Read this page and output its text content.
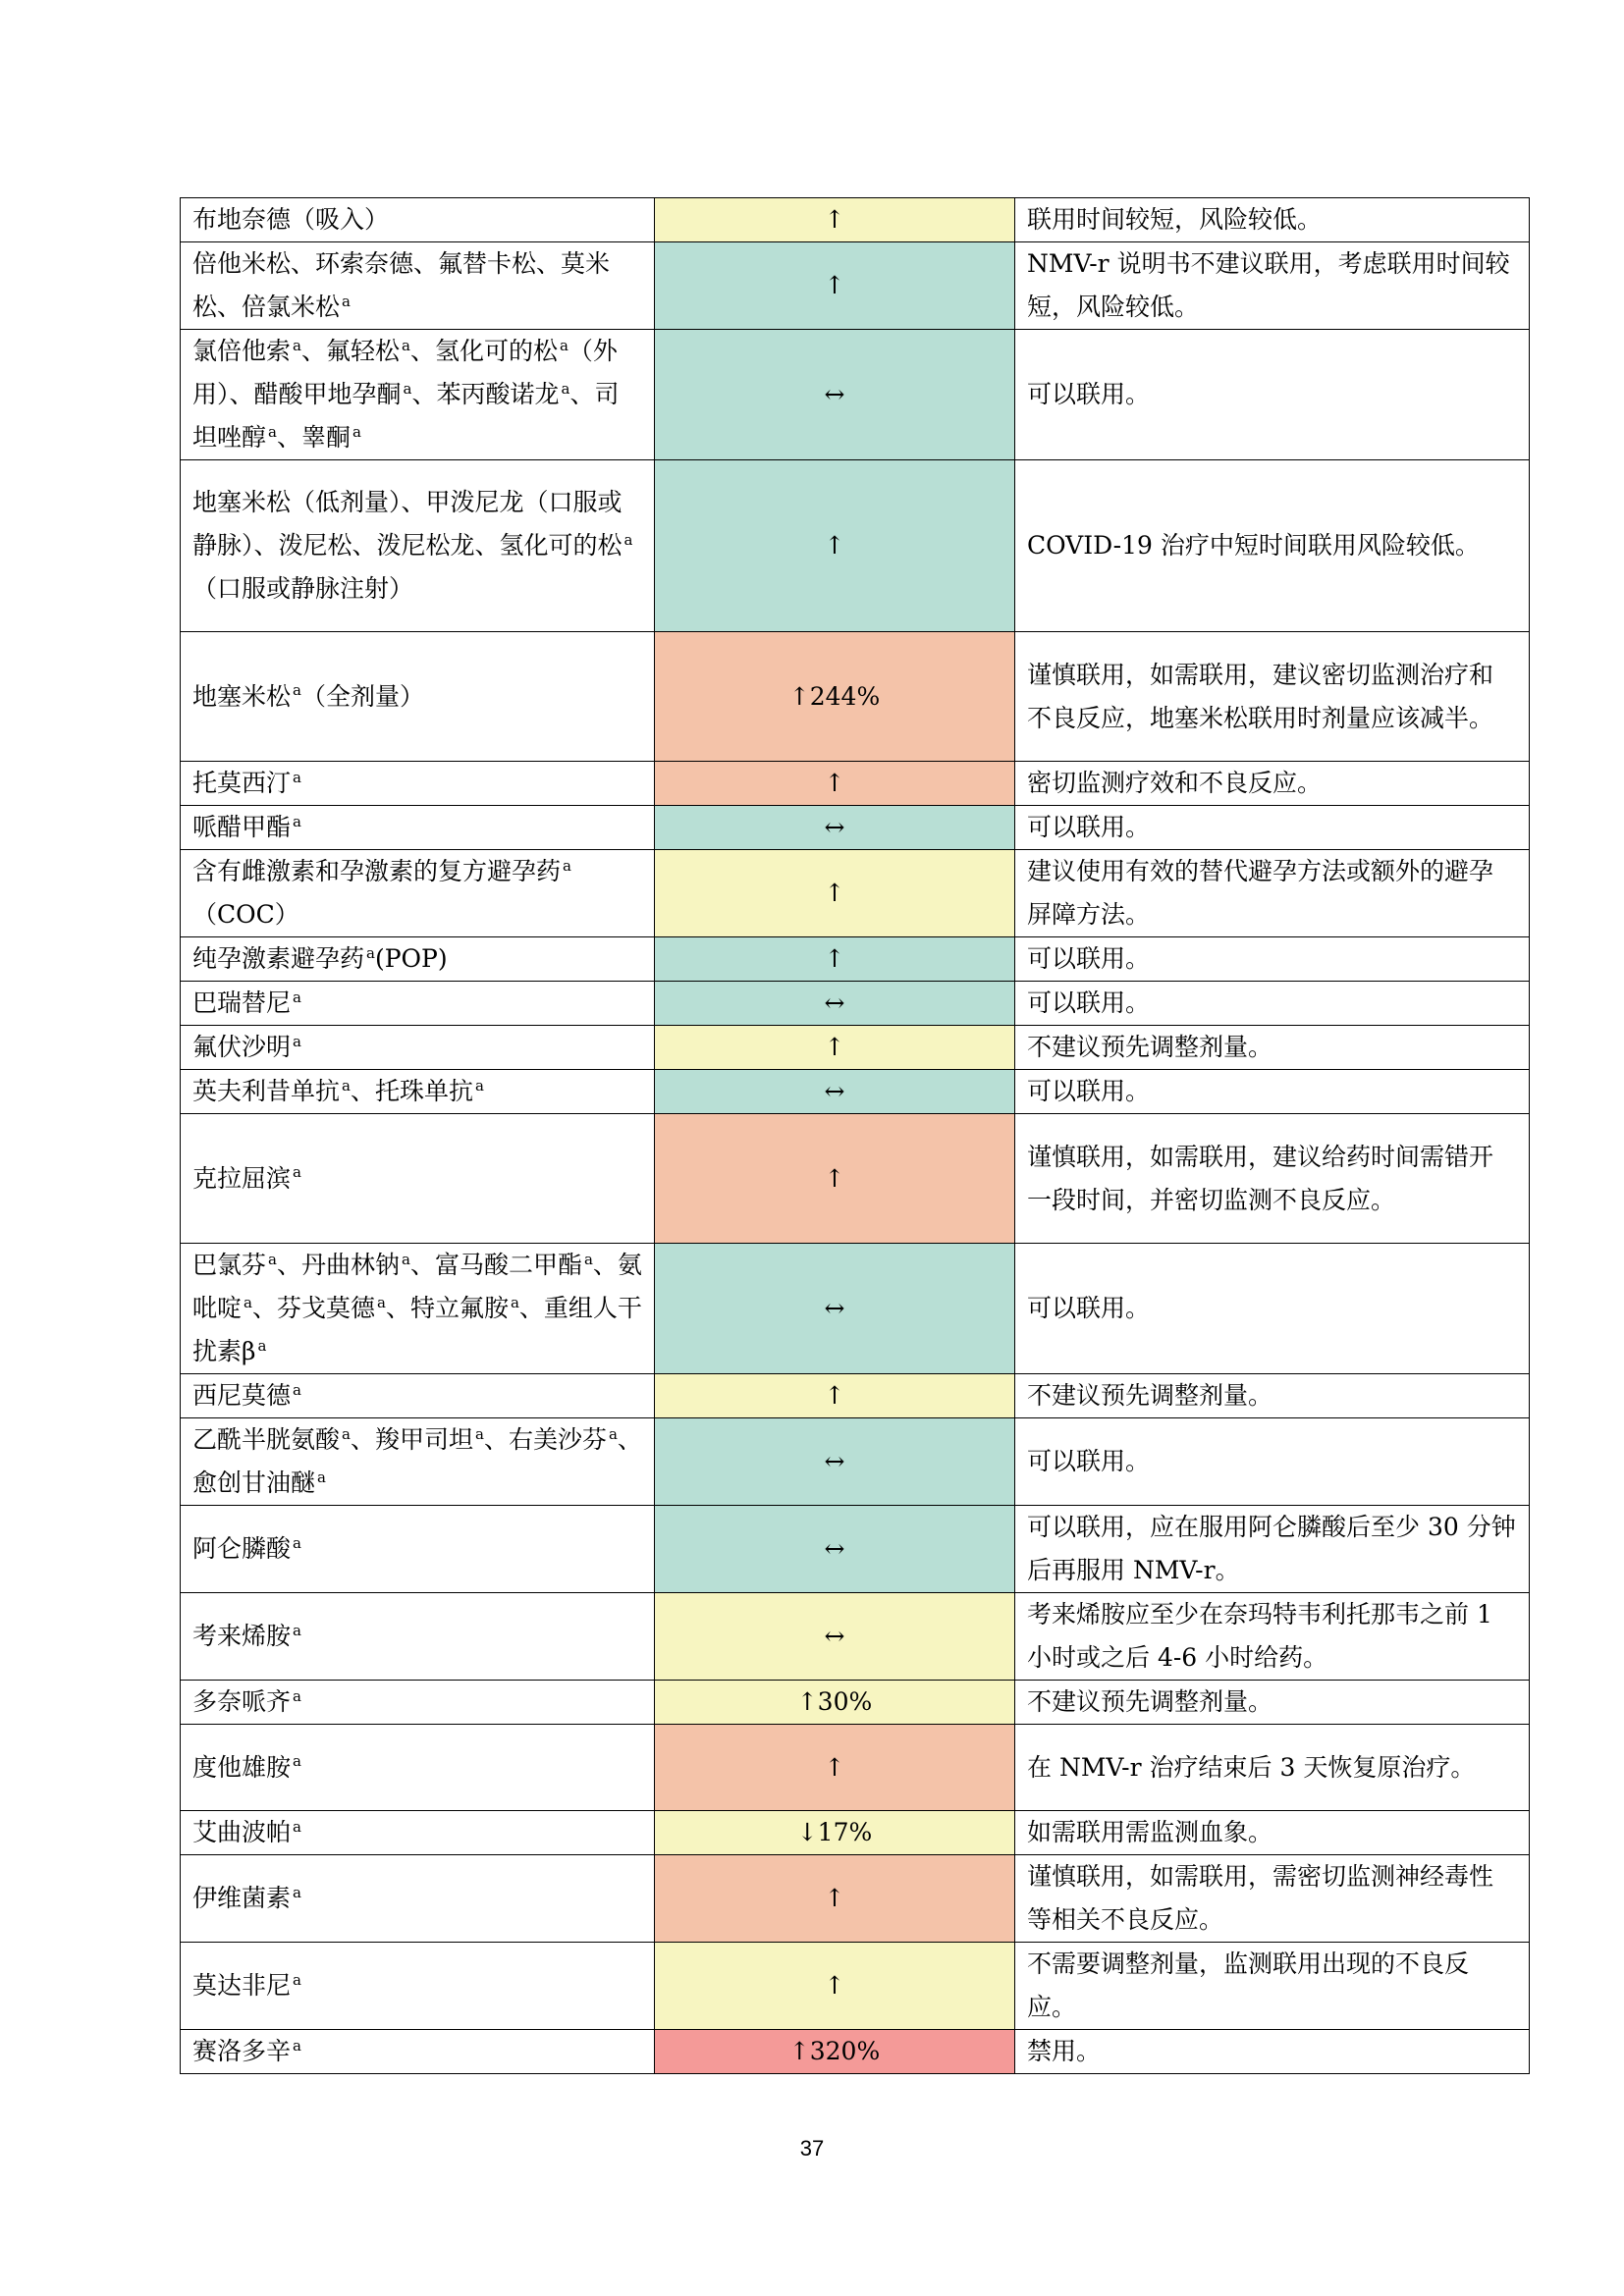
布地奈德（吸入）	↑	联用时间较短，风险较低。
倍他米松、环索奈德、氟替卡松、莫米松、倍氯米松 $^a$	↑	NMV-r 说明书不建议联用，考虑联用时间较短，风险较低。
氯倍他索 $^a$、氟轻松 $^a$、氢化可的松 $^a$（外用）、醋酸甲地孕酮 $^a$、苯丙酸诺龙 $^a$、司坦唑醇 $^a$、睾酮 $^a$	↔	可以联用。
地塞米松（低剂量）、甲泼尼龙（口服或静脉）、泼尼松、泼尼松龙、氢化可的松 $^a$（口服或静脉注射）	↑	COVID-19 治疗中短时间联用风险较低。
地塞米松 $^a$（全剂量）	↑244%	谨慎联用，如需联用，建议密切监测治疗和不良反应，地塞米松联用时剂量应该减半。
托莫西汀 $^a$	↑	密切监测疗效和不良反应。
哌醋甲酯 $^a$	↔	可以联用。
含有雌激素和孕激素的复方避孕药 $^a$（COC）	↑	建议使用有效的替代避孕方法或额外的避孕屏障方法。
纯孕激素避孕药 $^a$(POP)	↑	可以联用。
巴瑞替尼 $^a$	↔	可以联用。
氟伏沙明 $^a$	↑	不建议预先调整剂量。
英夫利昔单抗 $^a$、托珠单抗 $^a$	↔	可以联用。
克拉屈滨 $^a$	↑	谨慎联用，如需联用，建议给药时间需错开一段时间，并密切监测不良反应。
巴氯芬 $^a$、丹曲林钠 $^a$、富马酸二甲酯 $^a$、氨吡啶 $^a$、芬戈莫德 $^a$、特立氟胺 $^a$、重组人干扰素β $^a$	↔	可以联用。
西尼莫德 $^a$	↑	不建议预先调整剂量。
乙酰半胱氨酸 $^a$、羧甲司坦 $^a$、右美沙芬 $^a$、愈创甘油醚 $^a$	↔	可以联用。
阿仑膦酸 $^a$	↔	可以联用，应在服用阿仑膦酸后至少 30 分钟后再服用 NMV-r。
考来烯胺 $^a$	↔	考来烯胺应至少在奈玛特韦利托那韦之前 1 小时或之后 4-6 小时给药。
多奈哌齐 $^a$	↑30%	不建议预先调整剂量。
度他雄胺 $^a$	↑	在 NMV-r 治疗结束后 3 天恢复原治疗。
艾曲波帕 $^a$	↓17%	如需联用需监测血象。
伊维菌素 $^a$	↑	谨慎联用，如需联用，需密切监测神经毒性等相关不良反应。
莫达非尼 $^a$	↑	不需要调整剂量，监测联用出现的不良反应。
赛洛多辛 $^a$	↑320%	禁用。
37
